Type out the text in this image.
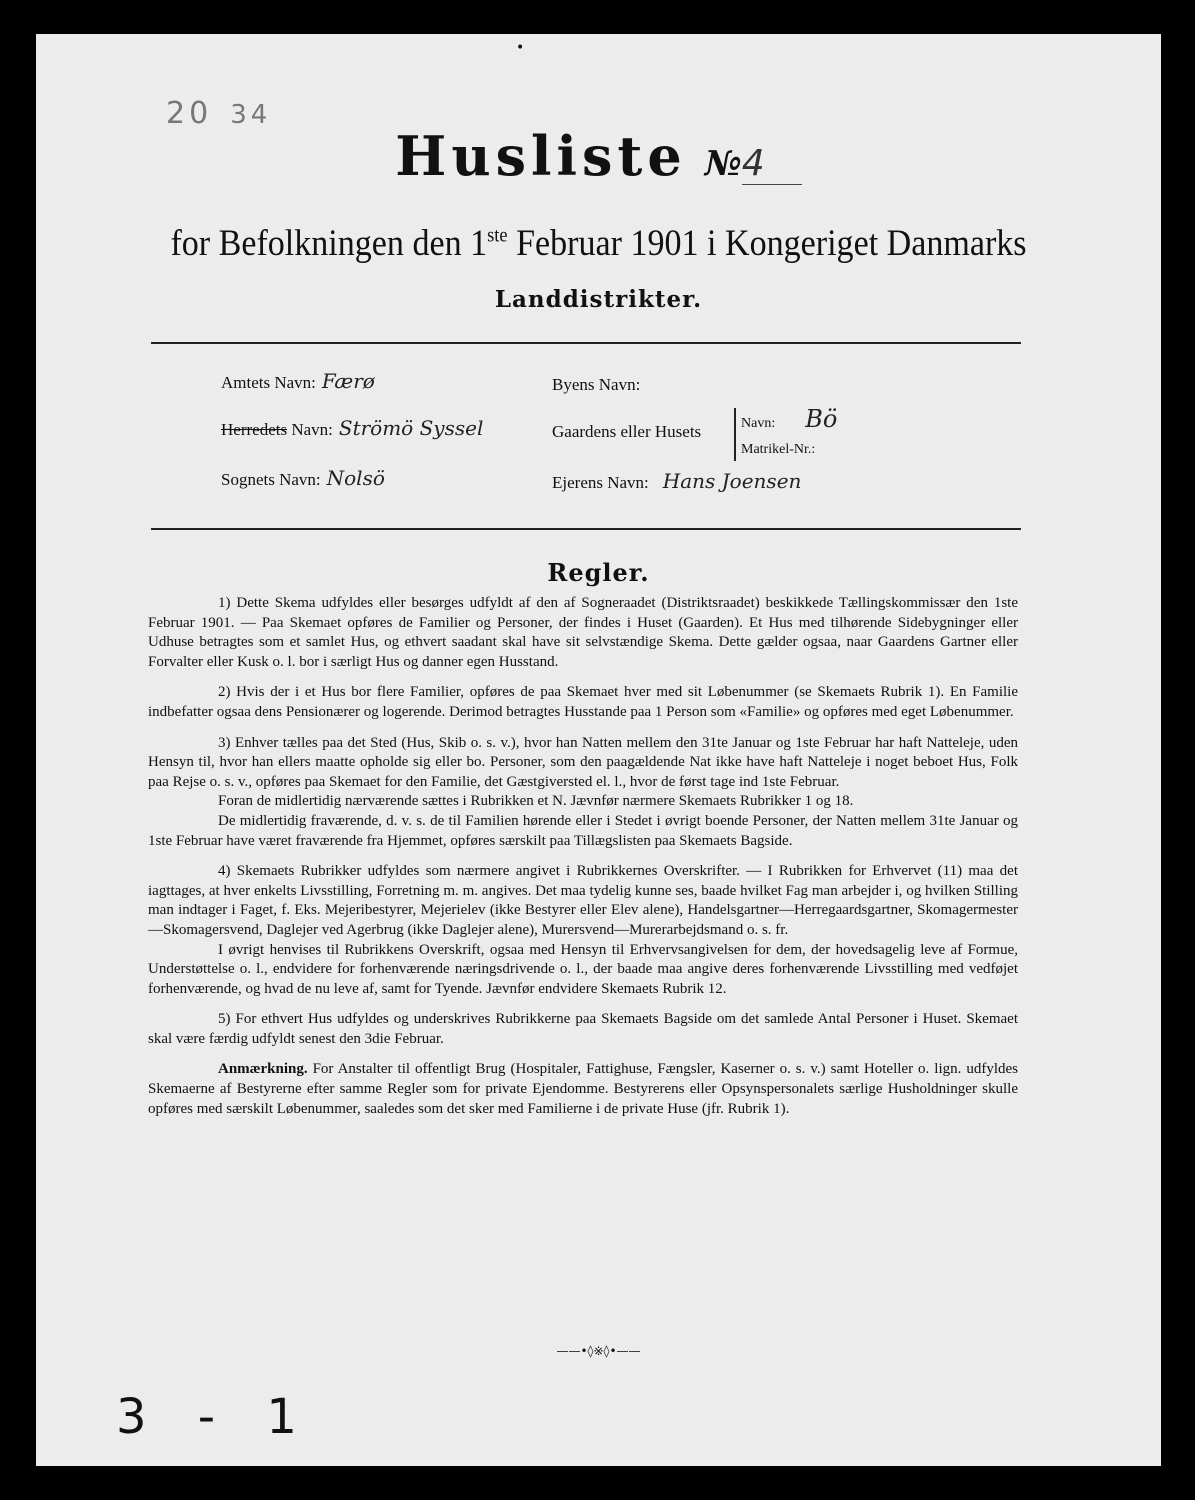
•
20 34
Husliste №4
for Befolkningen den 1ste Februar 1901 i Kongeriget Danmarks
Landdistrikter.
Amtets Navn: Færø
Herredets Navn: Strömö Syssel
Sognets Navn: Nolsö
Byens Navn:
Gaardens eller Husets	Navn: Bö
Matrikel-Nr.:
Ejerens Navn: Hans Joensen
Regler.

1) Dette Skema udfyldes eller besørges udfyldt af den af Sogneraadet (Distriktsraadet) beskikkede Tællingskommissær den 1ste Februar 1901. — Paa Skemaet opføres de Familier og Personer, der findes i Huset (Gaarden). Et Hus med tilhørende Sidebygninger eller Udhuse betragtes som et samlet Hus, og ethvert saadant skal have sit selvstændige Skema. Dette gælder ogsaa, naar Gaardens Gartner eller Forvalter eller Kusk o. l. bor i særligt Hus og danner egen Husstand.

2) Hvis der i et Hus bor flere Familier, opføres de paa Skemaet hver med sit Løbenummer (se Skemaets Rubrik 1). En Familie indbefatter ogsaa dens Pensionærer og logerende. Derimod betragtes Husstande paa 1 Person som «Familie» og opføres med eget Løbenummer.

3) Enhver tælles paa det Sted (Hus, Skib o. s. v.), hvor han Natten mellem den 31te Januar og 1ste Februar har haft Natteleje, uden Hensyn til, hvor han ellers maatte opholde sig eller bo. Personer, som den paagældende Nat ikke have haft Natteleje i noget beboet Hus, Folk paa Rejse o. s. v., opføres paa Skemaet for den Familie, det Gæstgiversted el. l., hvor de først tage ind 1ste Februar.

Foran de midlertidig nærværende sættes i Rubrikken et N. Jævnfør nærmere Skemaets Rubrikker 1 og 18.

De midlertidig fraværende, d. v. s. de til Familien hørende eller i Stedet i øvrigt boende Personer, der Natten mellem 31te Januar og 1ste Februar have været fraværende fra Hjemmet, opføres særskilt paa Tillægslisten paa Skemaets Bagside.

4) Skemaets Rubrikker udfyldes som nærmere angivet i Rubrikkernes Overskrifter. — I Rubrikken for Erhvervet (11) maa det iagttages, at hver enkelts Livsstilling, Forretning m. m. angives. Det maa tydelig kunne ses, baade hvilket Fag man arbejder i, og hvilken Stilling man indtager i Faget, f. Eks. Mejeribestyrer, Mejerielev (ikke Bestyrer eller Elev alene), Handelsgartner—Herregaardsgartner, Skomagermester—Skomagersvend, Daglejer ved Agerbrug (ikke Daglejer alene), Murersvend—Murerarbejdsmand o. s. fr.

I øvrigt henvises til Rubrikkens Overskrift, ogsaa med Hensyn til Erhvervsangivelsen for dem, der hovedsagelig leve af Formue, Understøttelse o. l., endvidere for forhenværende næringsdrivende o. l., der baade maa angive deres forhenværende Livsstilling med vedføjet forhenværende, og hvad de nu leve af, samt for Tyende. Jævnfør endvidere Skemaets Rubrik 12.

5) For ethvert Hus udfyldes og underskrives Rubrikkerne paa Skemaets Bagside om det samlede Antal Personer i Huset. Skemaet skal være færdig udfyldt senest den 3die Februar.

Anmærkning. For Anstalter til offentligt Brug (Hospitaler, Fattighuse, Fængsler, Kaserner o. s. v.) samt Hoteller o. lign. udfyldes Skemaerne af Bestyrerne efter samme Regler som for private Ejendomme. Bestyrerens eller Opsynspersonalets særlige Husholdninger skulle opføres med særskilt Løbenummer, saaledes som det sker med Familierne i de private Huse (jfr. Rubrik 1).

——•◊※◊•——
3 - 1
